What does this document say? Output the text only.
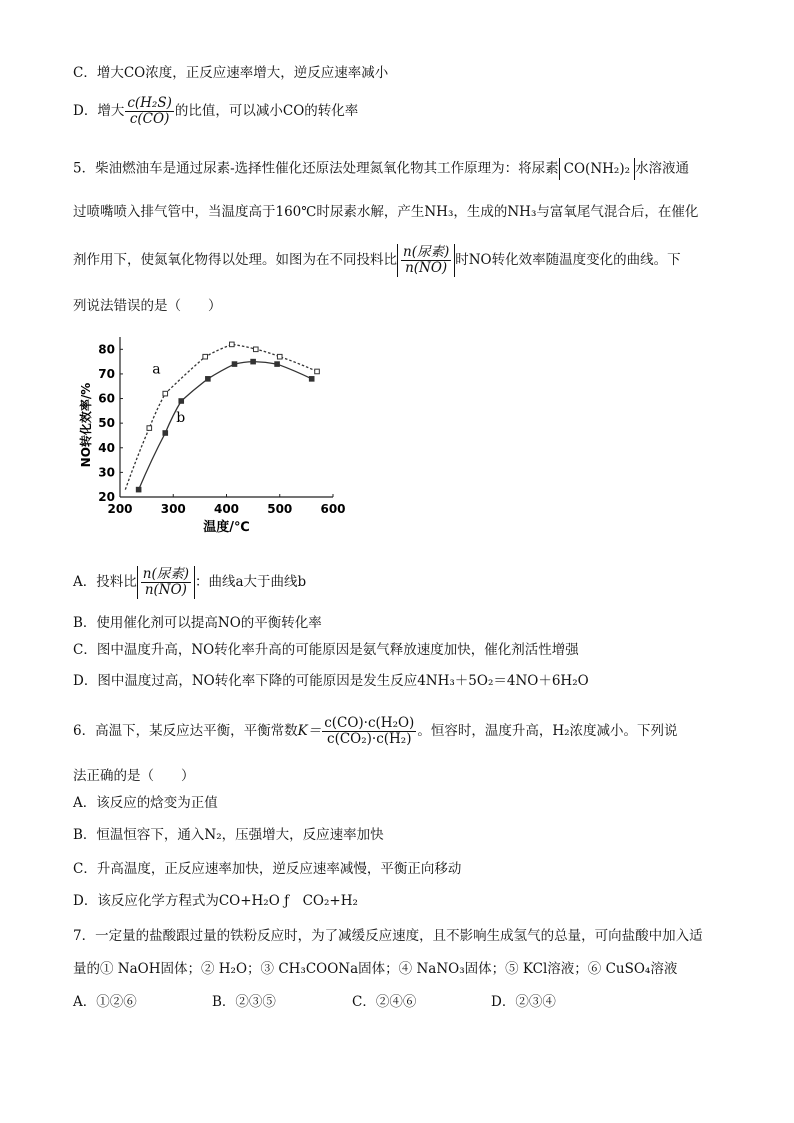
C．增大CO浓度，正反应速率增大，逆反应速率减小
D．增大 $\frac{\text{c(H₂S)}}{c(CO)}$ 的比值，可以减小CO的转化率
5．柴油燃油车是通过尿素-选择性催化还原法处理氮氧化物其工作原理为：将尿素 CO(NH₂)₂ 水溶液通
过喷嘴喷入排气管中，当温度高于160℃时尿素水解，产生NH₃，生成的NH₃与富氧尾气混合后，在催化
剂作用下，使氮氧化物得以处理。如图为在不同投料比 $\frac{\text{n(尿素)}}{n(NO)}$ 时NO转化效率随温度变化的曲线。下
列说法错误的是（　　）
200 300 400 500 600
20
30
40
50
60
70
80
温度/℃
NO转化效率/%
a
b
A．投料比 $\frac{\text{n(尿素)}}{n(NO)}$ ：曲线a大于曲线b
B．使用催化剂可以提高NO的平衡转化率
C．图中温度升高，NO转化率升高的可能原因是氨气释放速度加快，催化剂活性增强
D．图中温度过高，NO转化率下降的可能原因是发生反应4NH₃＋5O₂＝4NO＋6H₂O
6．高温下，某反应达平衡，平衡常数$K= \frac{\text{c(CO)·c(H₂O)}}{\text{c(CO₂)·c(H₂)}}$ 。恒容时，温度升高，H₂浓度减小。下列说
法正确的是（　　）
A．该反应的焓变为正值
B．恒温恒容下，通入N₂，压强增大，反应速率加快
C．升高温度，正反应速率加快，逆反应速率减慢，平衡正向移动
D．该反应化学方程式为CO+H₂O ƒ　CO₂+H₂
7．一定量的盐酸跟过量的铁粉反应时，为了减缓反应速度，且不影响生成氢气的总量，可向盐酸中加入适
量的① NaOH固体；② H₂O；③ CH₃COONa固体；④ NaNO₃固体；⑤ KCl溶液；⑥ CuSO₄溶液
A．①②⑥	B．②③⑤	C．②④⑥	D．②③④
